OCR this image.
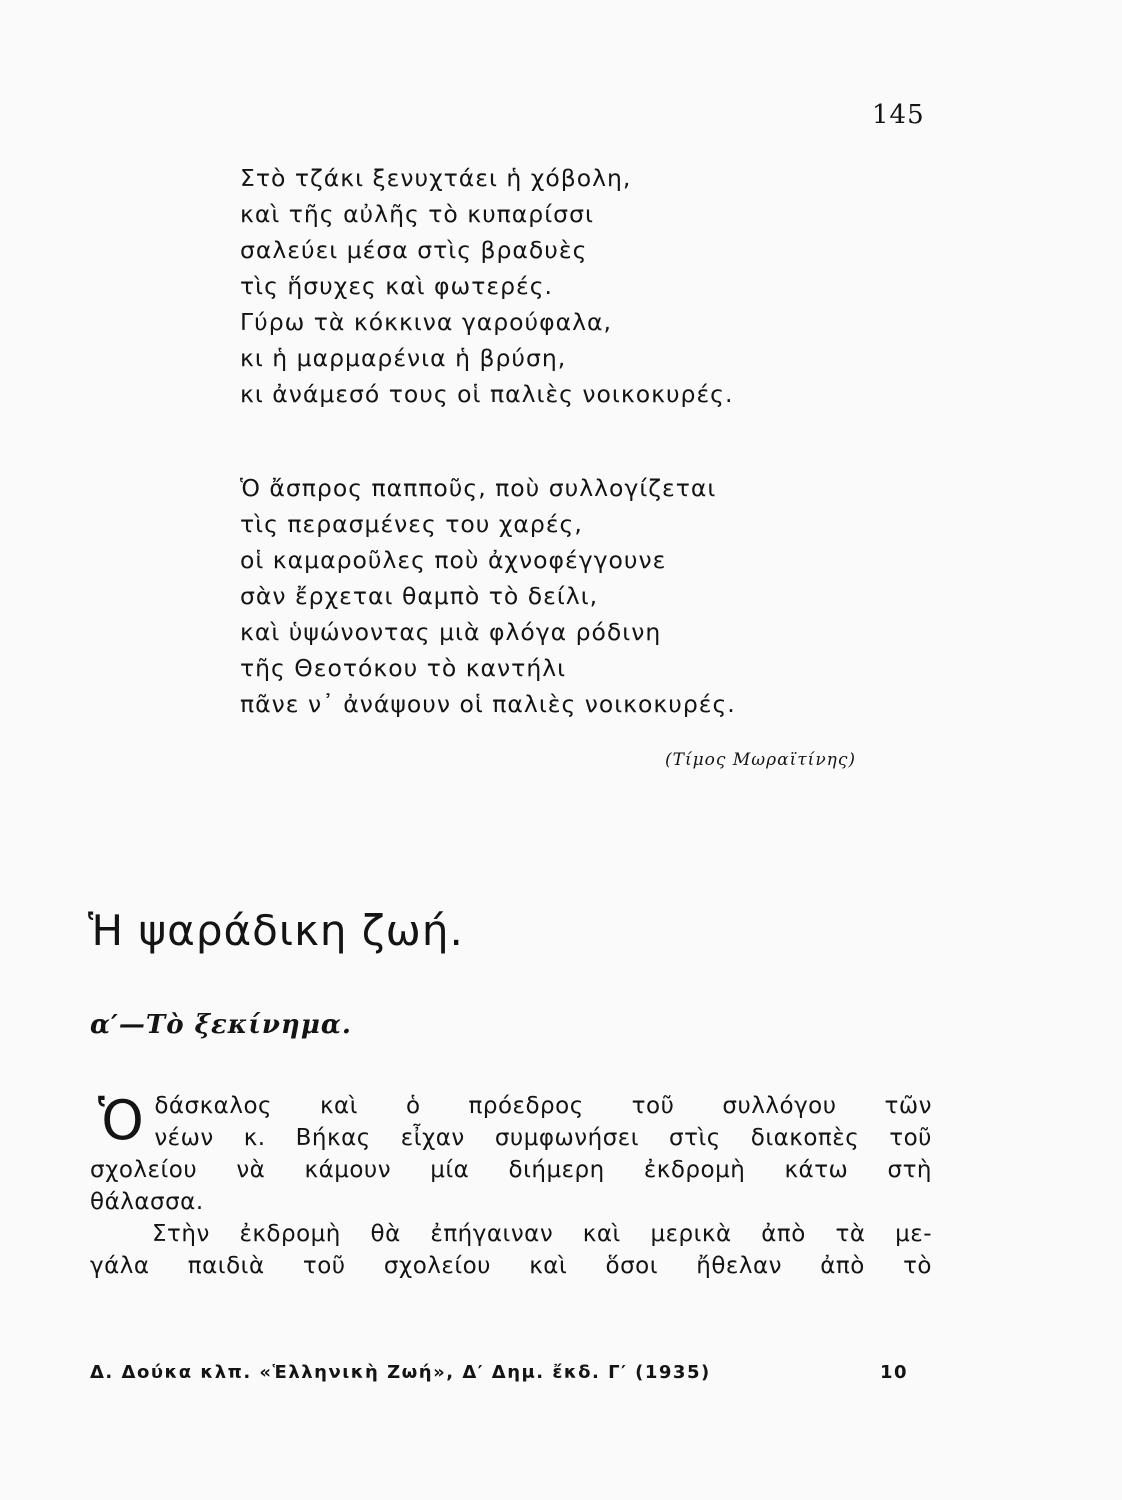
145
Στὸ τζάκι ξενυχτάει ἡ χόβολη,
καὶ τῆς αὐλῆς τὸ κυπαρίσσι
σαλεύει μέσα στὶς βραδυὲς
τὶς ἥσυχες καὶ φωτερές.
Γύρω τὰ κόκκινα γαρούφαλα,
κι ἡ μαρμαρένια ἡ βρύση,
κι ἀνάμεσό τους οἱ παλιὲς νοικοκυρές.
Ὁ ἄσπρος παπποῦς, ποὺ συλλογίζεται
τὶς περασμένες του χαρές,
οἱ καμαροῦλες ποὺ ἀχνοφέγγουνε
σὰν ἔρχεται θαμπὸ τὸ δείλι,
καὶ ὑψώνοντας μιὰ φλόγα ρόδινη
τῆς Θεοτόκου τὸ καντήλι
πᾶνε ν᾿ ἀνάψουν οἱ παλιὲς νοικοκυρές.
(Τίμος Μωραϊτίνης)
Ἡ ψαράδικη ζωή.
α′—Τὸ ξεκίνημα.
Ὁ δάσκαλος καὶ ὁ πρόεδρος τοῦ συλλόγου τῶν
νέων κ. Βήκας εἶχαν συμφωνήσει στὶς διακοπὲς τοῦ
σχολείου νὰ κάμουν μία διήμερη ἐκδρομὴ κάτω στὴ
θάλασσα.
Στὴν ἐκδρομὴ θὰ ἐπήγαιναν καὶ μερικὰ ἀπὸ τὰ με-
γάλα παιδιὰ τοῦ σχολείου καὶ ὅσοι ἤθελαν ἀπὸ τὸ
Δ. Δούκα κλπ. «Ἑλληνικὴ Ζωή», Δ′ Δημ. ἔκδ. Γ′ (1935)	10
